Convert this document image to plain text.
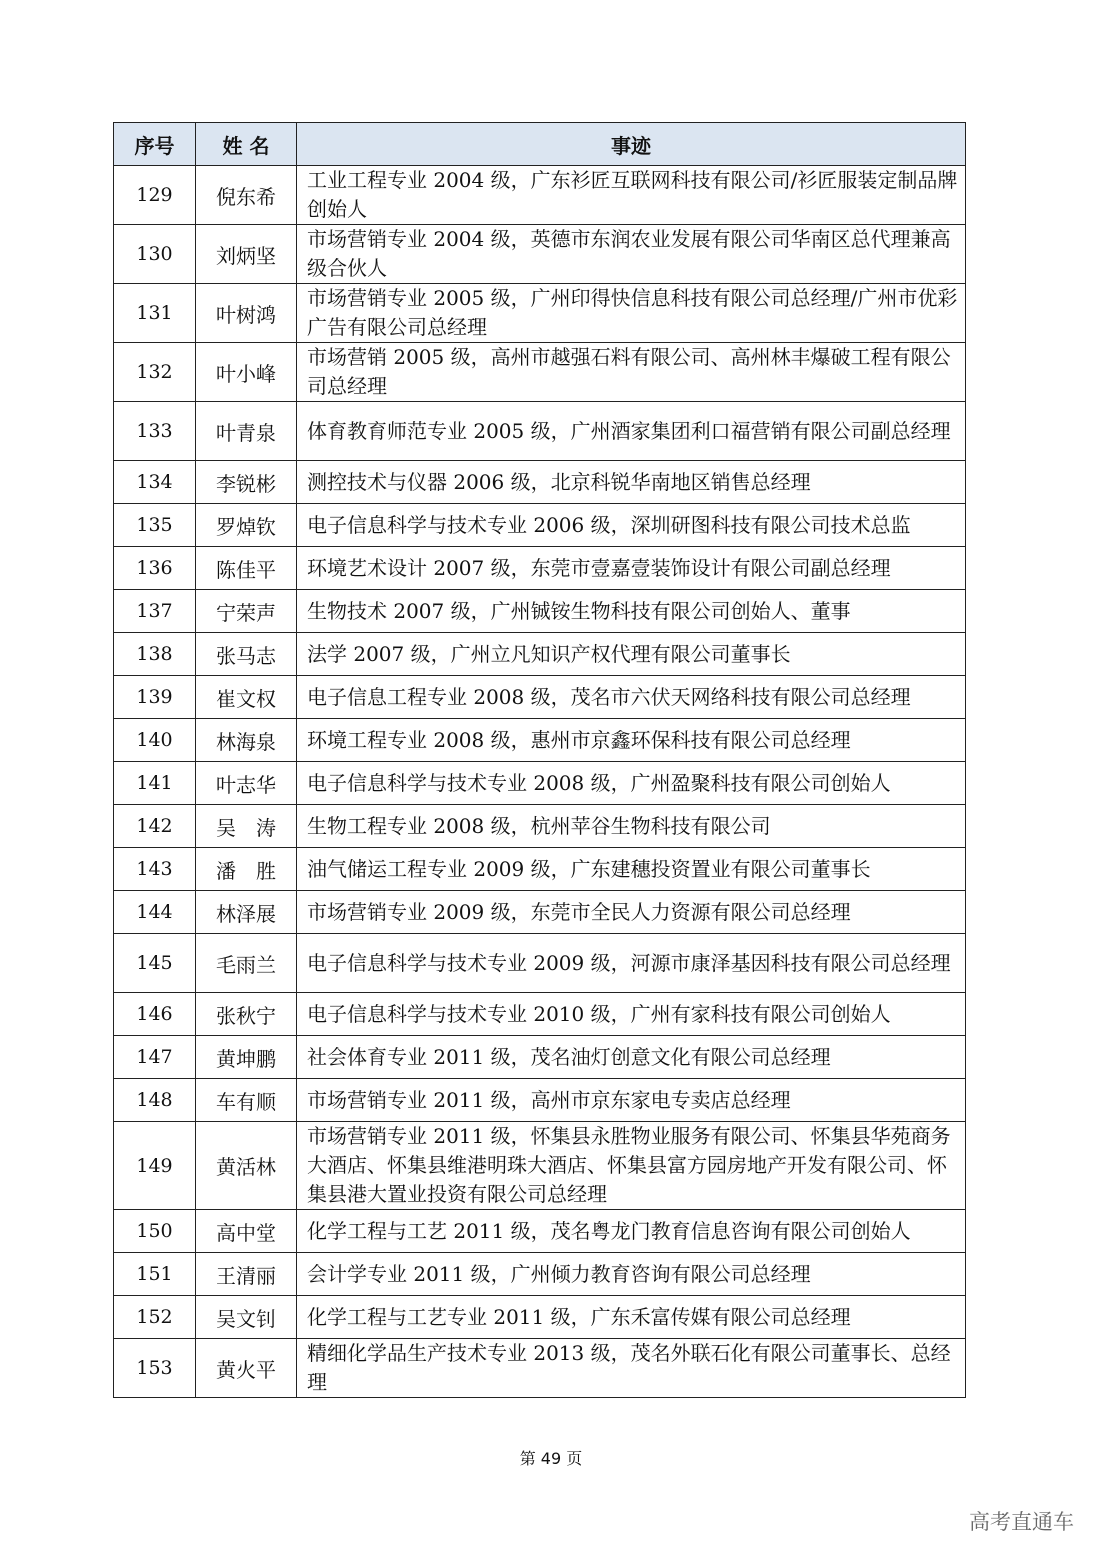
序号	姓 名	事迹
129	倪东希	工业工程专业 2004 级，广东衫匠互联网科技有限公司/衫匠服装定制品牌创始人
130	刘炳坚	市场营销专业 2004 级，英德市东润农业发展有限公司华南区总代理兼高级合伙人
131	叶树鸿	市场营销专业 2005 级，广州印得快信息科技有限公司总经理/广州市优彩广告有限公司总经理
132	叶小峰	市场营销 2005 级，高州市越强石料有限公司、高州林丰爆破工程有限公司总经理
133	叶青泉	体育教育师范专业 2005 级，广州酒家集团利口福营销有限公司副总经理
134	李锐彬	测控技术与仪器 2006 级，北京科锐华南地区销售总经理
135	罗焯钦	电子信息科学与技术专业 2006 级，深圳研图科技有限公司技术总监
136	陈佳平	环境艺术设计 2007 级，东莞市壹嘉壹装饰设计有限公司副总经理
137	宁荣声	生物技术 2007 级，广州铖铵生物科技有限公司创始人、董事
138	张马志	法学 2007 级，广州立凡知识产权代理有限公司董事长
139	崔文权	电子信息工程专业 2008 级，茂名市六伏天网络科技有限公司总经理
140	林海泉	环境工程专业 2008 级，惠州市京鑫环保科技有限公司总经理
141	叶志华	电子信息科学与技术专业 2008 级，广州盈聚科技有限公司创始人
142	吴　涛	生物工程专业 2008 级，杭州苹谷生物科技有限公司
143	潘　胜	油气储运工程专业 2009 级，广东建穗投资置业有限公司董事长
144	林泽展	市场营销专业 2009 级，东莞市全民人力资源有限公司总经理
145	毛雨兰	电子信息科学与技术专业 2009 级，河源市康泽基因科技有限公司总经理
146	张秋宁	电子信息科学与技术专业 2010 级，广州有家科技有限公司创始人
147	黄坤鹏	社会体育专业 2011 级，茂名油灯创意文化有限公司总经理
148	车有顺	市场营销专业 2011 级，高州市京东家电专卖店总经理
149	黄活林	市场营销专业 2011 级，怀集县永胜物业服务有限公司、怀集县华苑商务大酒店、怀集县维港明珠大酒店、怀集县富方园房地产开发有限公司、怀集县港大置业投资有限公司总经理
150	高中堂	化学工程与工艺 2011 级，茂名粤龙门教育信息咨询有限公司创始人
151	王清丽	会计学专业 2011 级，广州倾力教育咨询有限公司总经理
152	吴文钊	化学工程与工艺专业 2011 级，广东禾富传媒有限公司总经理
153	黄火平	精细化学品生产技术专业 2013 级，茂名外联石化有限公司董事长、总经理
第 49 页
高考直通车
